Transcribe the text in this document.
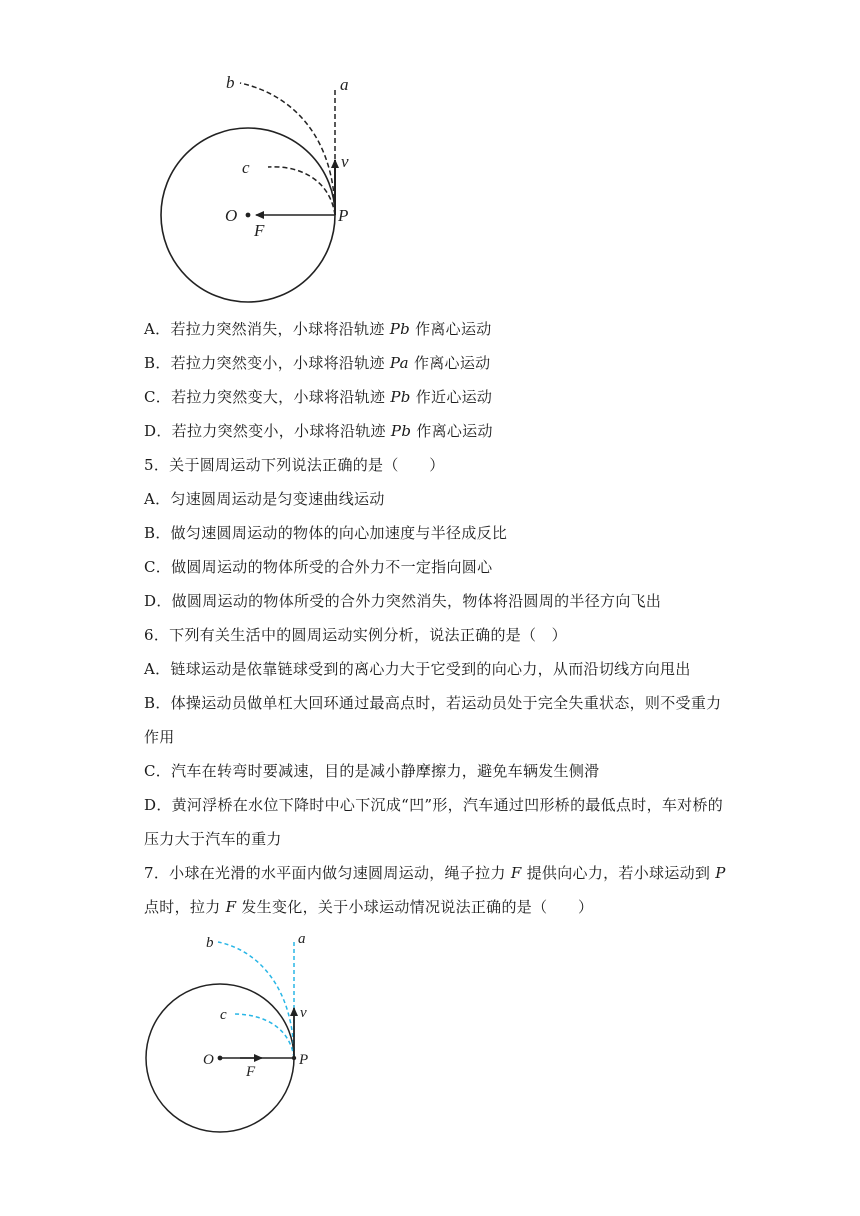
a
b
c	v
O
F
P
A．若拉力突然消失，小球将沿轨迹 Pb 作离心运动
B．若拉力突然变小，小球将沿轨迹 Pa 作离心运动
C．若拉力突然变大，小球将沿轨迹 Pb 作近心运动
D．若拉力突然变小，小球将沿轨迹 Pb 作离心运动
5．关于圆周运动下列说法正确的是（　　）
A．匀速圆周运动是匀变速曲线运动
B．做匀速圆周运动的物体的向心加速度与半径成反比
C．做圆周运动的物体所受的合外力不一定指向圆心
D．做圆周运动的物体所受的合外力突然消失，物体将沿圆周的半径方向飞出
6．下列有关生活中的圆周运动实例分析，说法正确的是（　）
A．链球运动是依靠链球受到的离心力大于它受到的向心力，从而沿切线方向甩出
B．体操运动员做单杠大回环通过最高点时，若运动员处于完全失重状态，则不受重力
作用
C．汽车在转弯时要减速，目的是减小静摩擦力，避免车辆发生侧滑
D．黄河浮桥在水位下降时中心下沉成“凹”形，汽车通过凹形桥的最低点时，车对桥的
压力大于汽车的重力
7．小球在光滑的水平面内做匀速圆周运动，绳子拉力 F 提供向心力，若小球运动到 P
点时，拉力 F 发生变化，关于小球运动情况说法正确的是（　　）
a
b
c	v
O
F
P
